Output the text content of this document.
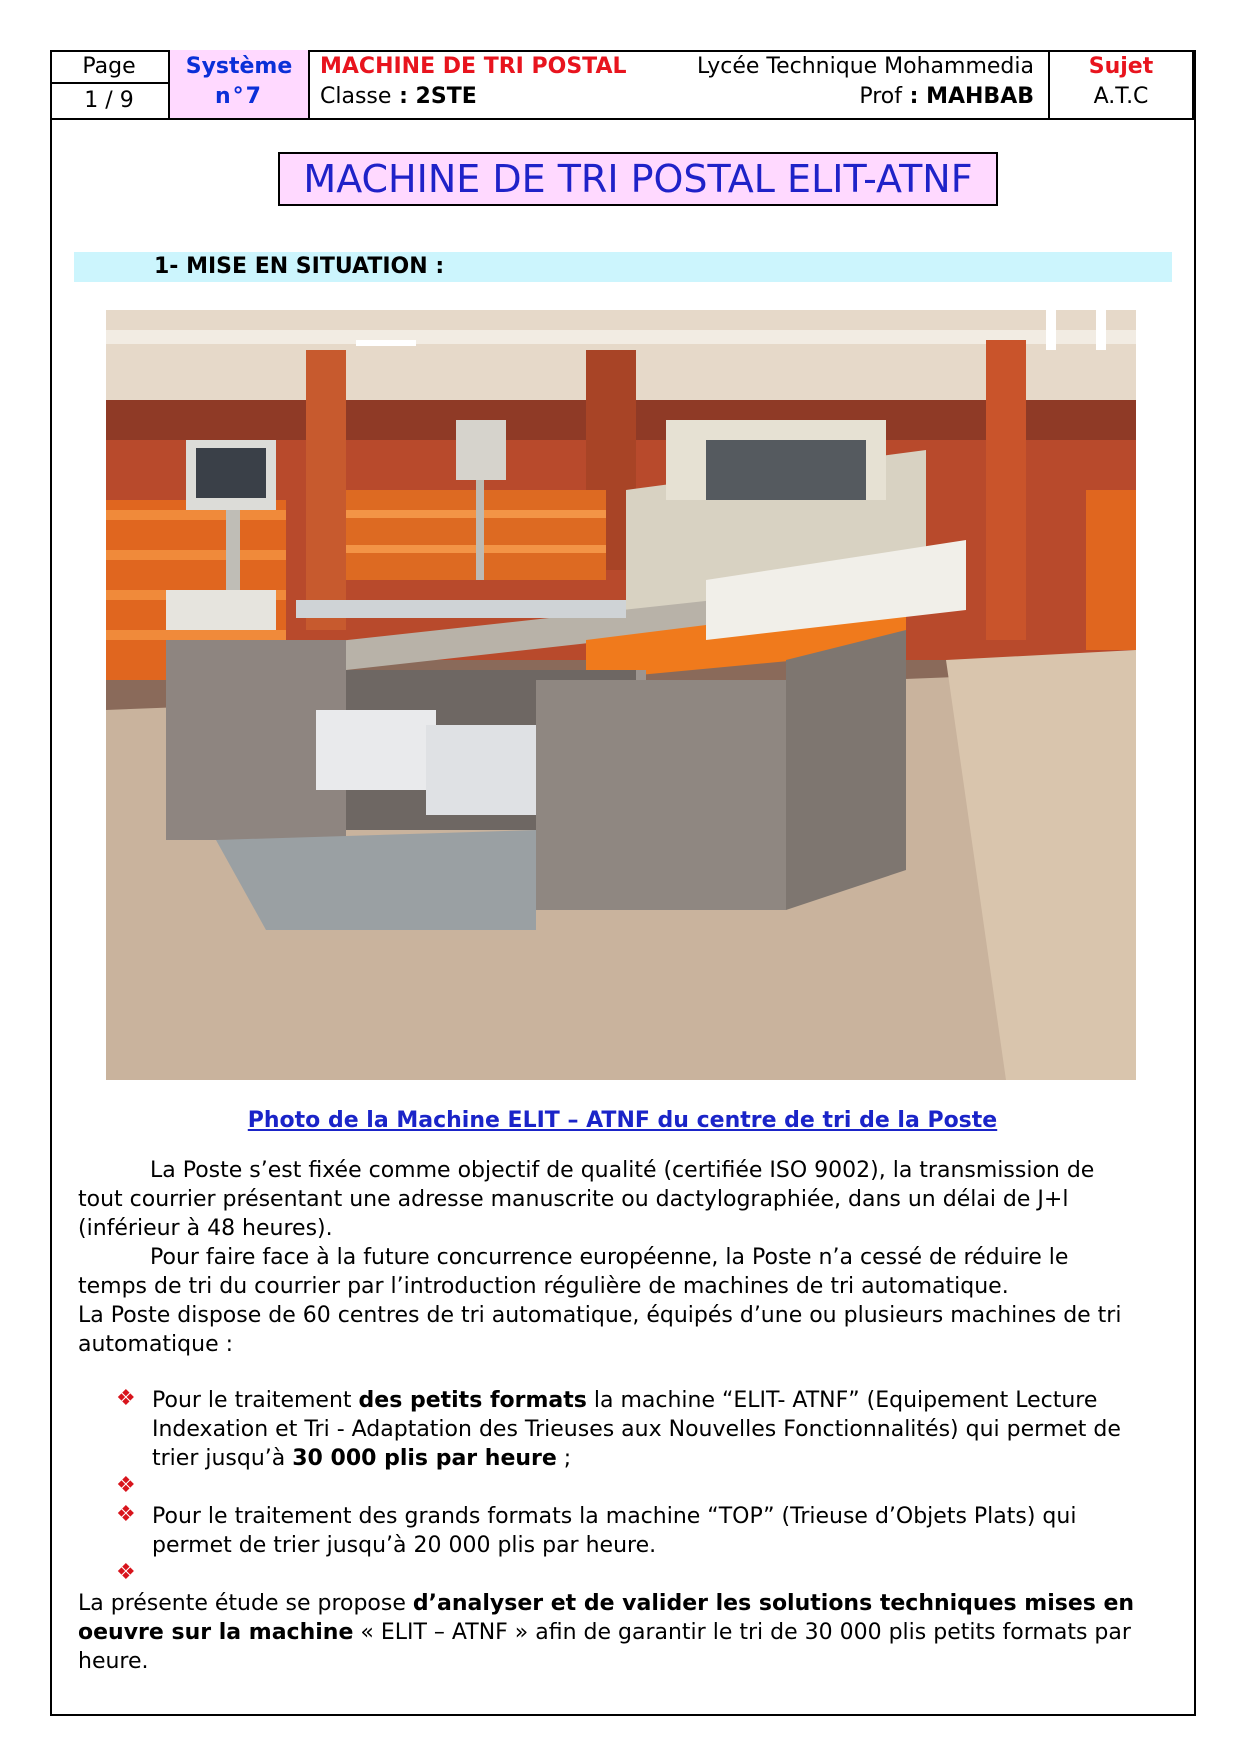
Page
1 / 9
Système
n°7
MACHINE DE TRI POSTAL
Classe : 2STE
Lycée Technique Mohammedia
Prof : MAHBAB
Sujet
A.T.C
MACHINE DE TRI POSTAL ELIT-ATNF
1- MISE EN SITUATION :
Photo de la Machine ELIT – ATNF du centre de tri de la Poste
La Poste s’est fixée comme objectif de qualité (certifiée ISO 9002), la transmission de
tout courrier présentant une adresse manuscrite ou dactylographiée, dans un délai de J+l
(inférieur à 48 heures).
Pour faire face à la future concurrence européenne, la Poste n’a cessé de réduire le
temps de tri du courrier par l’introduction régulière de machines de tri automatique.
La Poste dispose de 60 centres de tri automatique, équipés d’une ou plusieurs machines de tri
automatique :
❖ Pour le traitement des petits formats la machine “ELIT- ATNF” (Equipement Lecture
Indexation et Tri - Adaptation des Trieuses aux Nouvelles Fonctionnalités) qui permet de
trier jusqu’à 30 000 plis par heure ;
❖
❖ Pour le traitement des grands formats la machine “TOP” (Trieuse d’Objets Plats) qui
permet de trier jusqu’à 20 000 plis par heure.
❖
La présente étude se propose d’analyser et de valider les solutions techniques mises en
oeuvre sur la machine « ELIT – ATNF » afin de garantir le tri de 30 000 plis petits formats par
heure.
